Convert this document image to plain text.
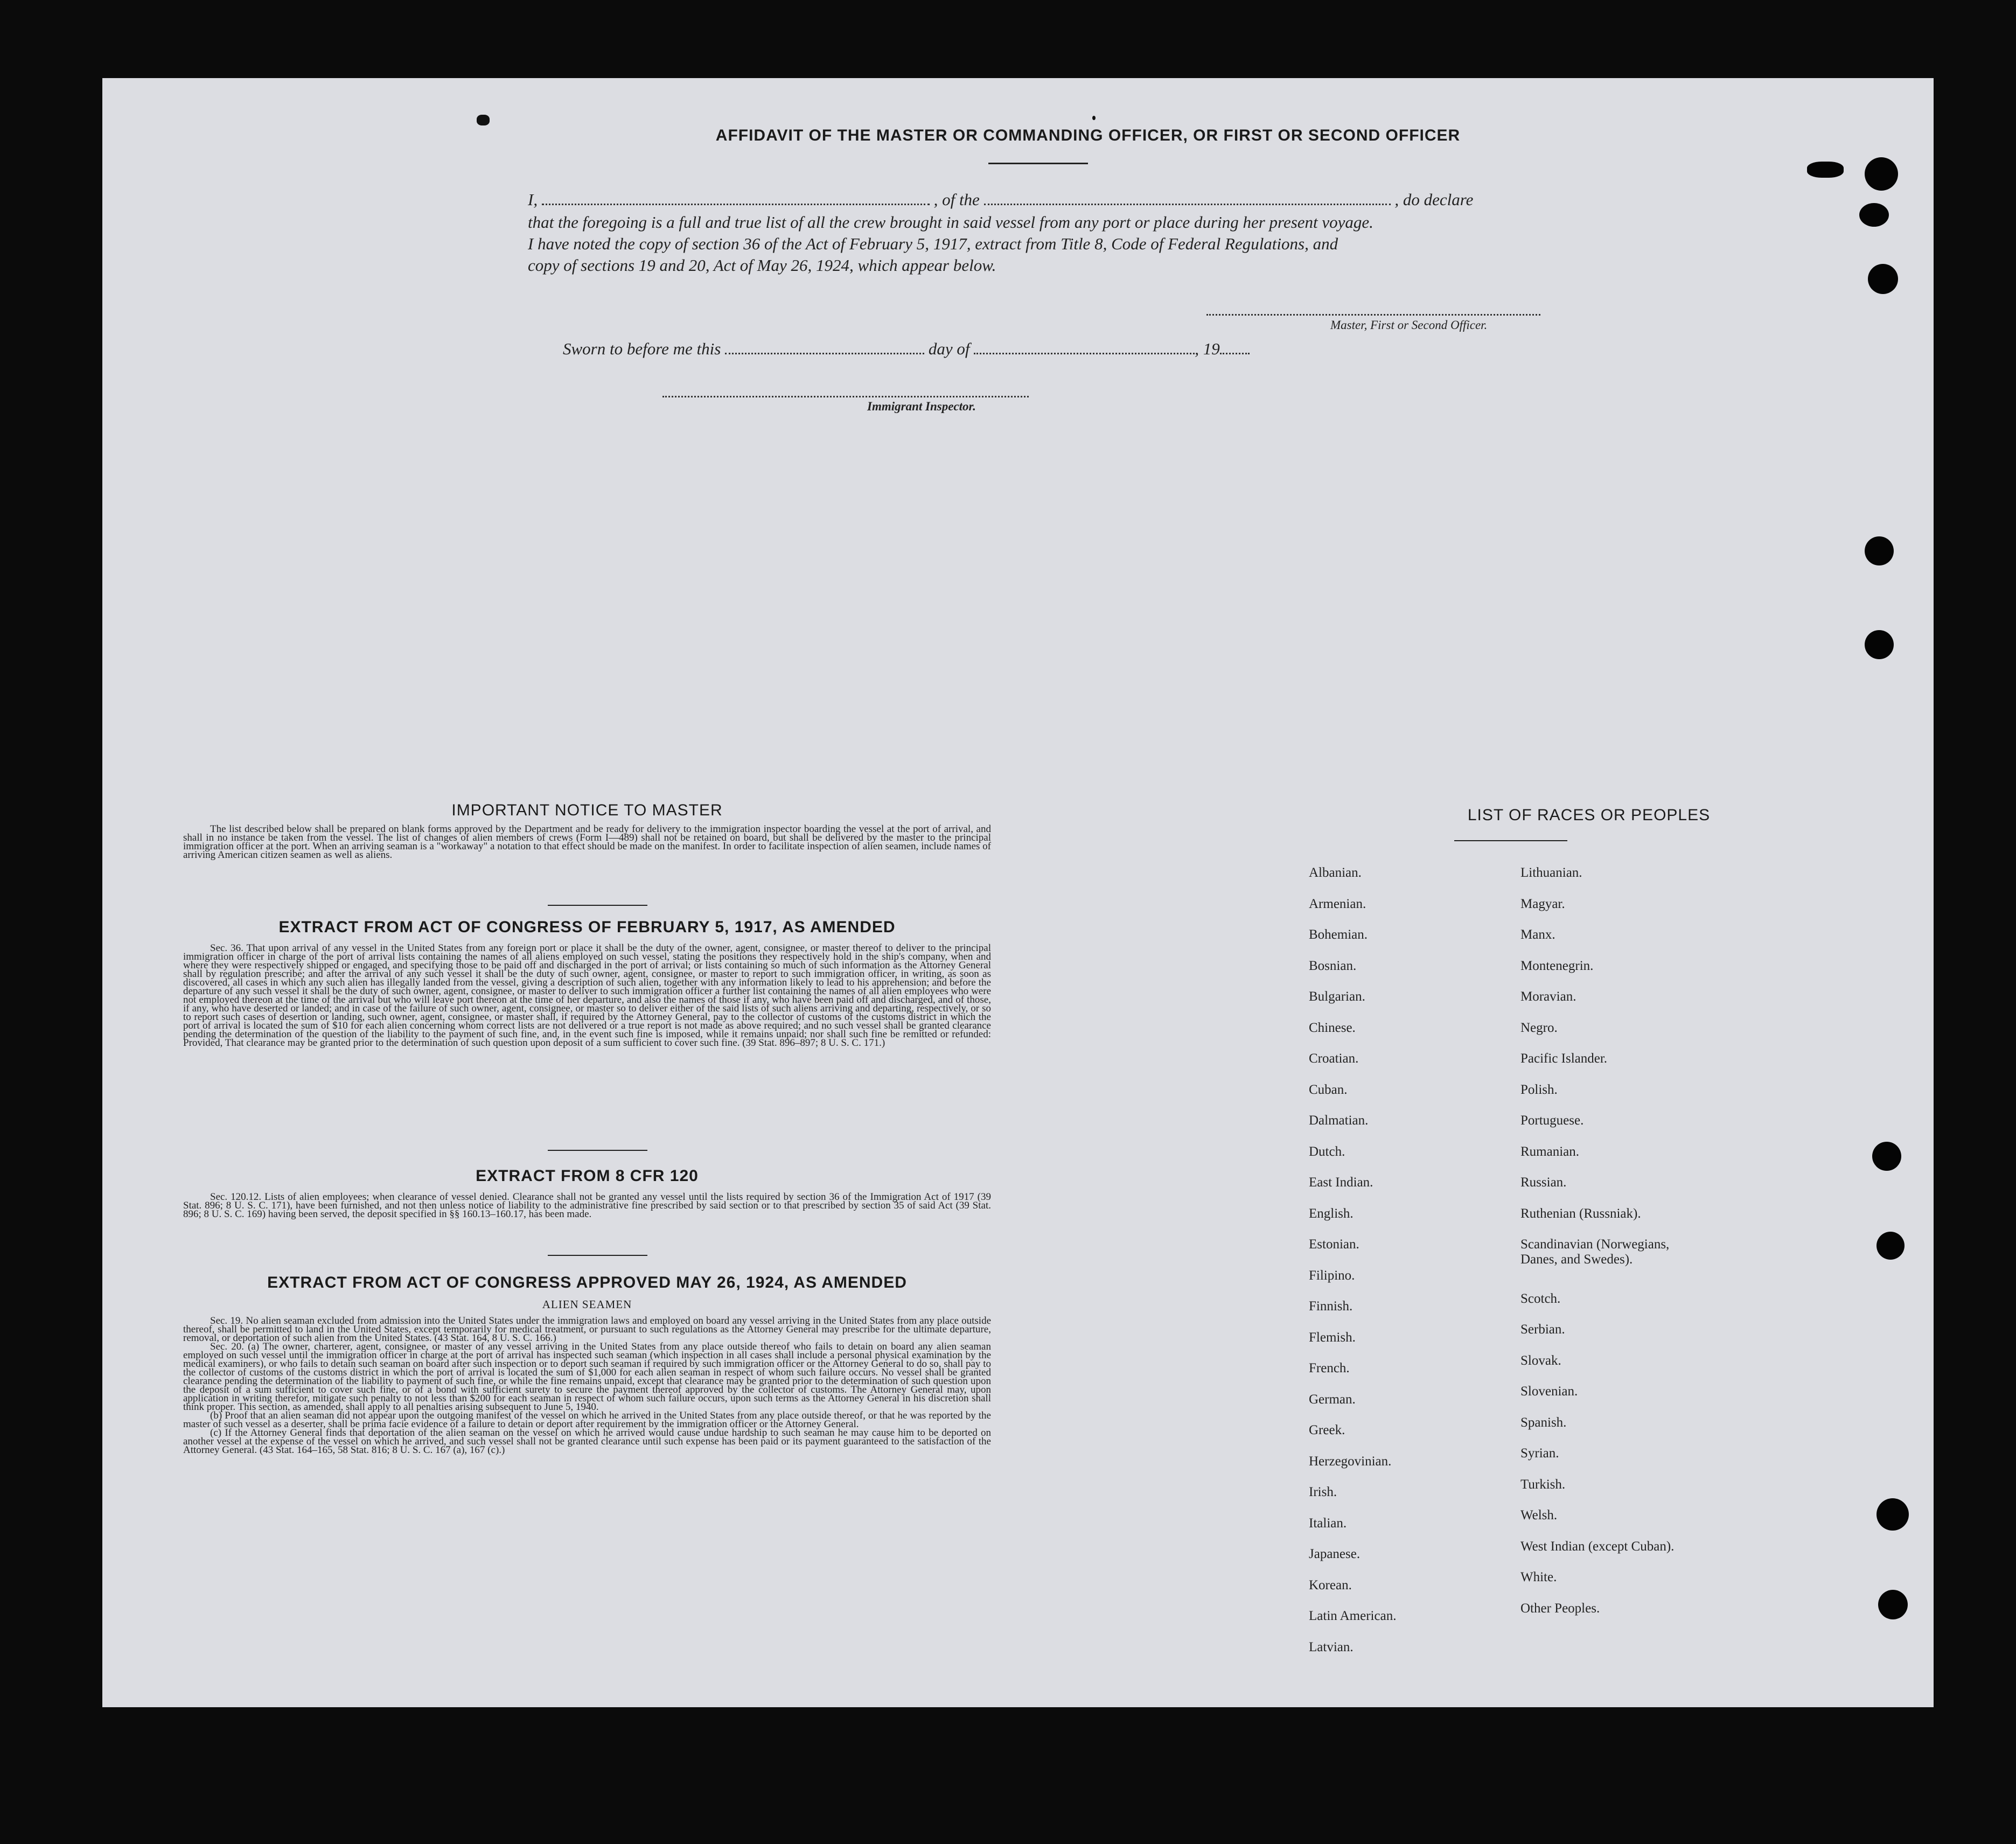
AFFIDAVIT OF THE MASTER OR COMMANDING OFFICER, OR FIRST OR SECOND OFFICER
I,	, of the	, do declare
that the foregoing is a full and true list of all the crew brought in said vessel from any port or place during her present voyage.
I have noted the copy of section 36 of the Act of February 5, 1917, extract from Title 8, Code of Federal Regulations, and
copy of sections 19 and 20, Act of May 26, 1924, which appear below.
Master, First or Second Officer.
Sworn to before me this	day of	, 19
Immigrant Inspector.
IMPORTANT NOTICE TO MASTER

The list described below shall be prepared on blank forms approved by the Department and be ready for delivery to the immigration inspector boarding the vessel at the port of arrival, and shall in no instance be taken from the vessel. The list of changes of alien members of crews (Form I—489) shall not be retained on board, but shall be delivered by the master to the principal immigration officer at the port. When an arriving seaman is a "workaway" a notation to that effect should be made on the manifest. In order to facilitate inspection of alien seamen, include names of arriving American citizen seamen as well as aliens.

EXTRACT FROM ACT OF CONGRESS OF FEBRUARY 5, 1917, AS AMENDED

Sec. 36. That upon arrival of any vessel in the United States from any foreign port or place it shall be the duty of the owner, agent, consignee, or master thereof to deliver to the principal immigration officer in charge of the port of arrival lists containing the names of all aliens employed on such vessel, stating the positions they respectively hold in the ship's company, when and where they were respectively shipped or engaged, and specifying those to be paid off and discharged in the port of arrival; or lists containing so much of such information as the Attorney General shall by regulation prescribe; and after the arrival of any such vessel it shall be the duty of such owner, agent, consignee, or master to report to such immigration officer, in writing, as soon as discovered, all cases in which any such alien has illegally landed from the vessel, giving a description of such alien, together with any information likely to lead to his apprehension; and before the departure of any such vessel it shall be the duty of such owner, agent, consignee, or master to deliver to such immigration officer a further list containing the names of all alien employees who were not employed thereon at the time of the arrival but who will leave port thereon at the time of her departure, and also the names of those if any, who have been paid off and discharged, and of those, if any, who have deserted or landed; and in case of the failure of such owner, agent, consignee, or master so to deliver either of the said lists of such aliens arriving and departing, respectively, or so to report such cases of desertion or landing, such owner, agent, consignee, or master shall, if required by the Attorney General, pay to the collector of customs of the customs district in which the port of arrival is located the sum of $10 for each alien concerning whom correct lists are not delivered or a true report is not made as above required; and no such vessel shall be granted clearance pending the determination of the question of the liability to the payment of such fine, and, in the event such fine is imposed, while it remains unpaid; nor shall such fine be remitted or refunded: Provided, That clearance may be granted prior to the determination of such question upon deposit of a sum sufficient to cover such fine. (39 Stat. 896–897; 8 U. S. C. 171.)

EXTRACT FROM 8 CFR 120

Sec. 120.12. Lists of alien employees; when clearance of vessel denied. Clearance shall not be granted any vessel until the lists required by section 36 of the Immigration Act of 1917 (39 Stat. 896; 8 U. S. C. 171), have been furnished, and not then unless notice of liability to the administrative fine prescribed by said section or to that prescribed by section 35 of said Act (39 Stat. 896; 8 U. S. C. 169) having been served, the deposit specified in §§ 160.13–160.17, has been made.

EXTRACT FROM ACT OF CONGRESS APPROVED MAY 26, 1924, AS AMENDED
ALIEN SEAMEN

Sec. 19. No alien seaman excluded from admission into the United States under the immigration laws and employed on board any vessel arriving in the United States from any place outside thereof, shall be permitted to land in the United States, except temporarily for medical treatment, or pursuant to such regulations as the Attorney General may prescribe for the ultimate departure, removal, or deportation of such alien from the United States. (43 Stat. 164, 8 U. S. C. 166.)

Sec. 20. (a) The owner, charterer, agent, consignee, or master of any vessel arriving in the United States from any place outside thereof who fails to detain on board any alien seaman employed on such vessel until the immigration officer in charge at the port of arrival has inspected such seaman (which inspection in all cases shall include a personal physical examination by the medical examiners), or who fails to detain such seaman on board after such inspection or to deport such seaman if required by such immigration officer or the Attorney General to do so, shall pay to the collector of customs of the customs district in which the port of arrival is located the sum of $1,000 for each alien seaman in respect of whom such failure occurs. No vessel shall be granted clearance pending the determination of the liability to payment of such fine, or while the fine remains unpaid, except that clearance may be granted prior to the determination of such question upon the deposit of a sum sufficient to cover such fine, or of a bond with sufficient surety to secure the payment thereof approved by the collector of customs. The Attorney General may, upon application in writing therefor, mitigate such penalty to not less than $200 for each seaman in respect of whom such failure occurs, upon such terms as the Attorney General in his discretion shall think proper. This section, as amended, shall apply to all penalties arising subsequent to June 5, 1940.

(b) Proof that an alien seaman did not appear upon the outgoing manifest of the vessel on which he arrived in the United States from any place outside thereof, or that he was reported by the master of such vessel as a deserter, shall be prima facie evidence of a failure to detain or deport after requirement by the immigration officer or the Attorney General.

(c) If the Attorney General finds that deportation of the alien seaman on the vessel on which he arrived would cause undue hardship to such seaman he may cause him to be deported on another vessel at the expense of the vessel on which he arrived, and such vessel shall not be granted clearance until such expense has been paid or its payment guaranteed to the satisfaction of the Attorney General. (43 Stat. 164–165, 58 Stat. 816; 8 U. S. C. 167 (a), 167 (c).)

LIST OF RACES OR PEOPLES
Albanian.
Armenian.
Bohemian.
Bosnian.
Bulgarian.
Chinese.
Croatian.
Cuban.
Dalmatian.
Dutch.
East Indian.
English.
Estonian.
Filipino.
Finnish.
Flemish.
French.
German.
Greek.
Herzegovinian.
Irish.
Italian.
Japanese.
Korean.
Latin American.
Latvian.
Lithuanian.
Magyar.
Manx.
Montenegrin.
Moravian.
Negro.
Pacific Islander.
Polish.
Portuguese.
Rumanian.
Russian.
Ruthenian (Russniak).
Scandinavian (Norwegians, Danes, and Swedes).
Scotch.
Serbian.
Slovak.
Slovenian.
Spanish.
Syrian.
Turkish.
Welsh.
West Indian (except Cuban).
White.
Other Peoples.
